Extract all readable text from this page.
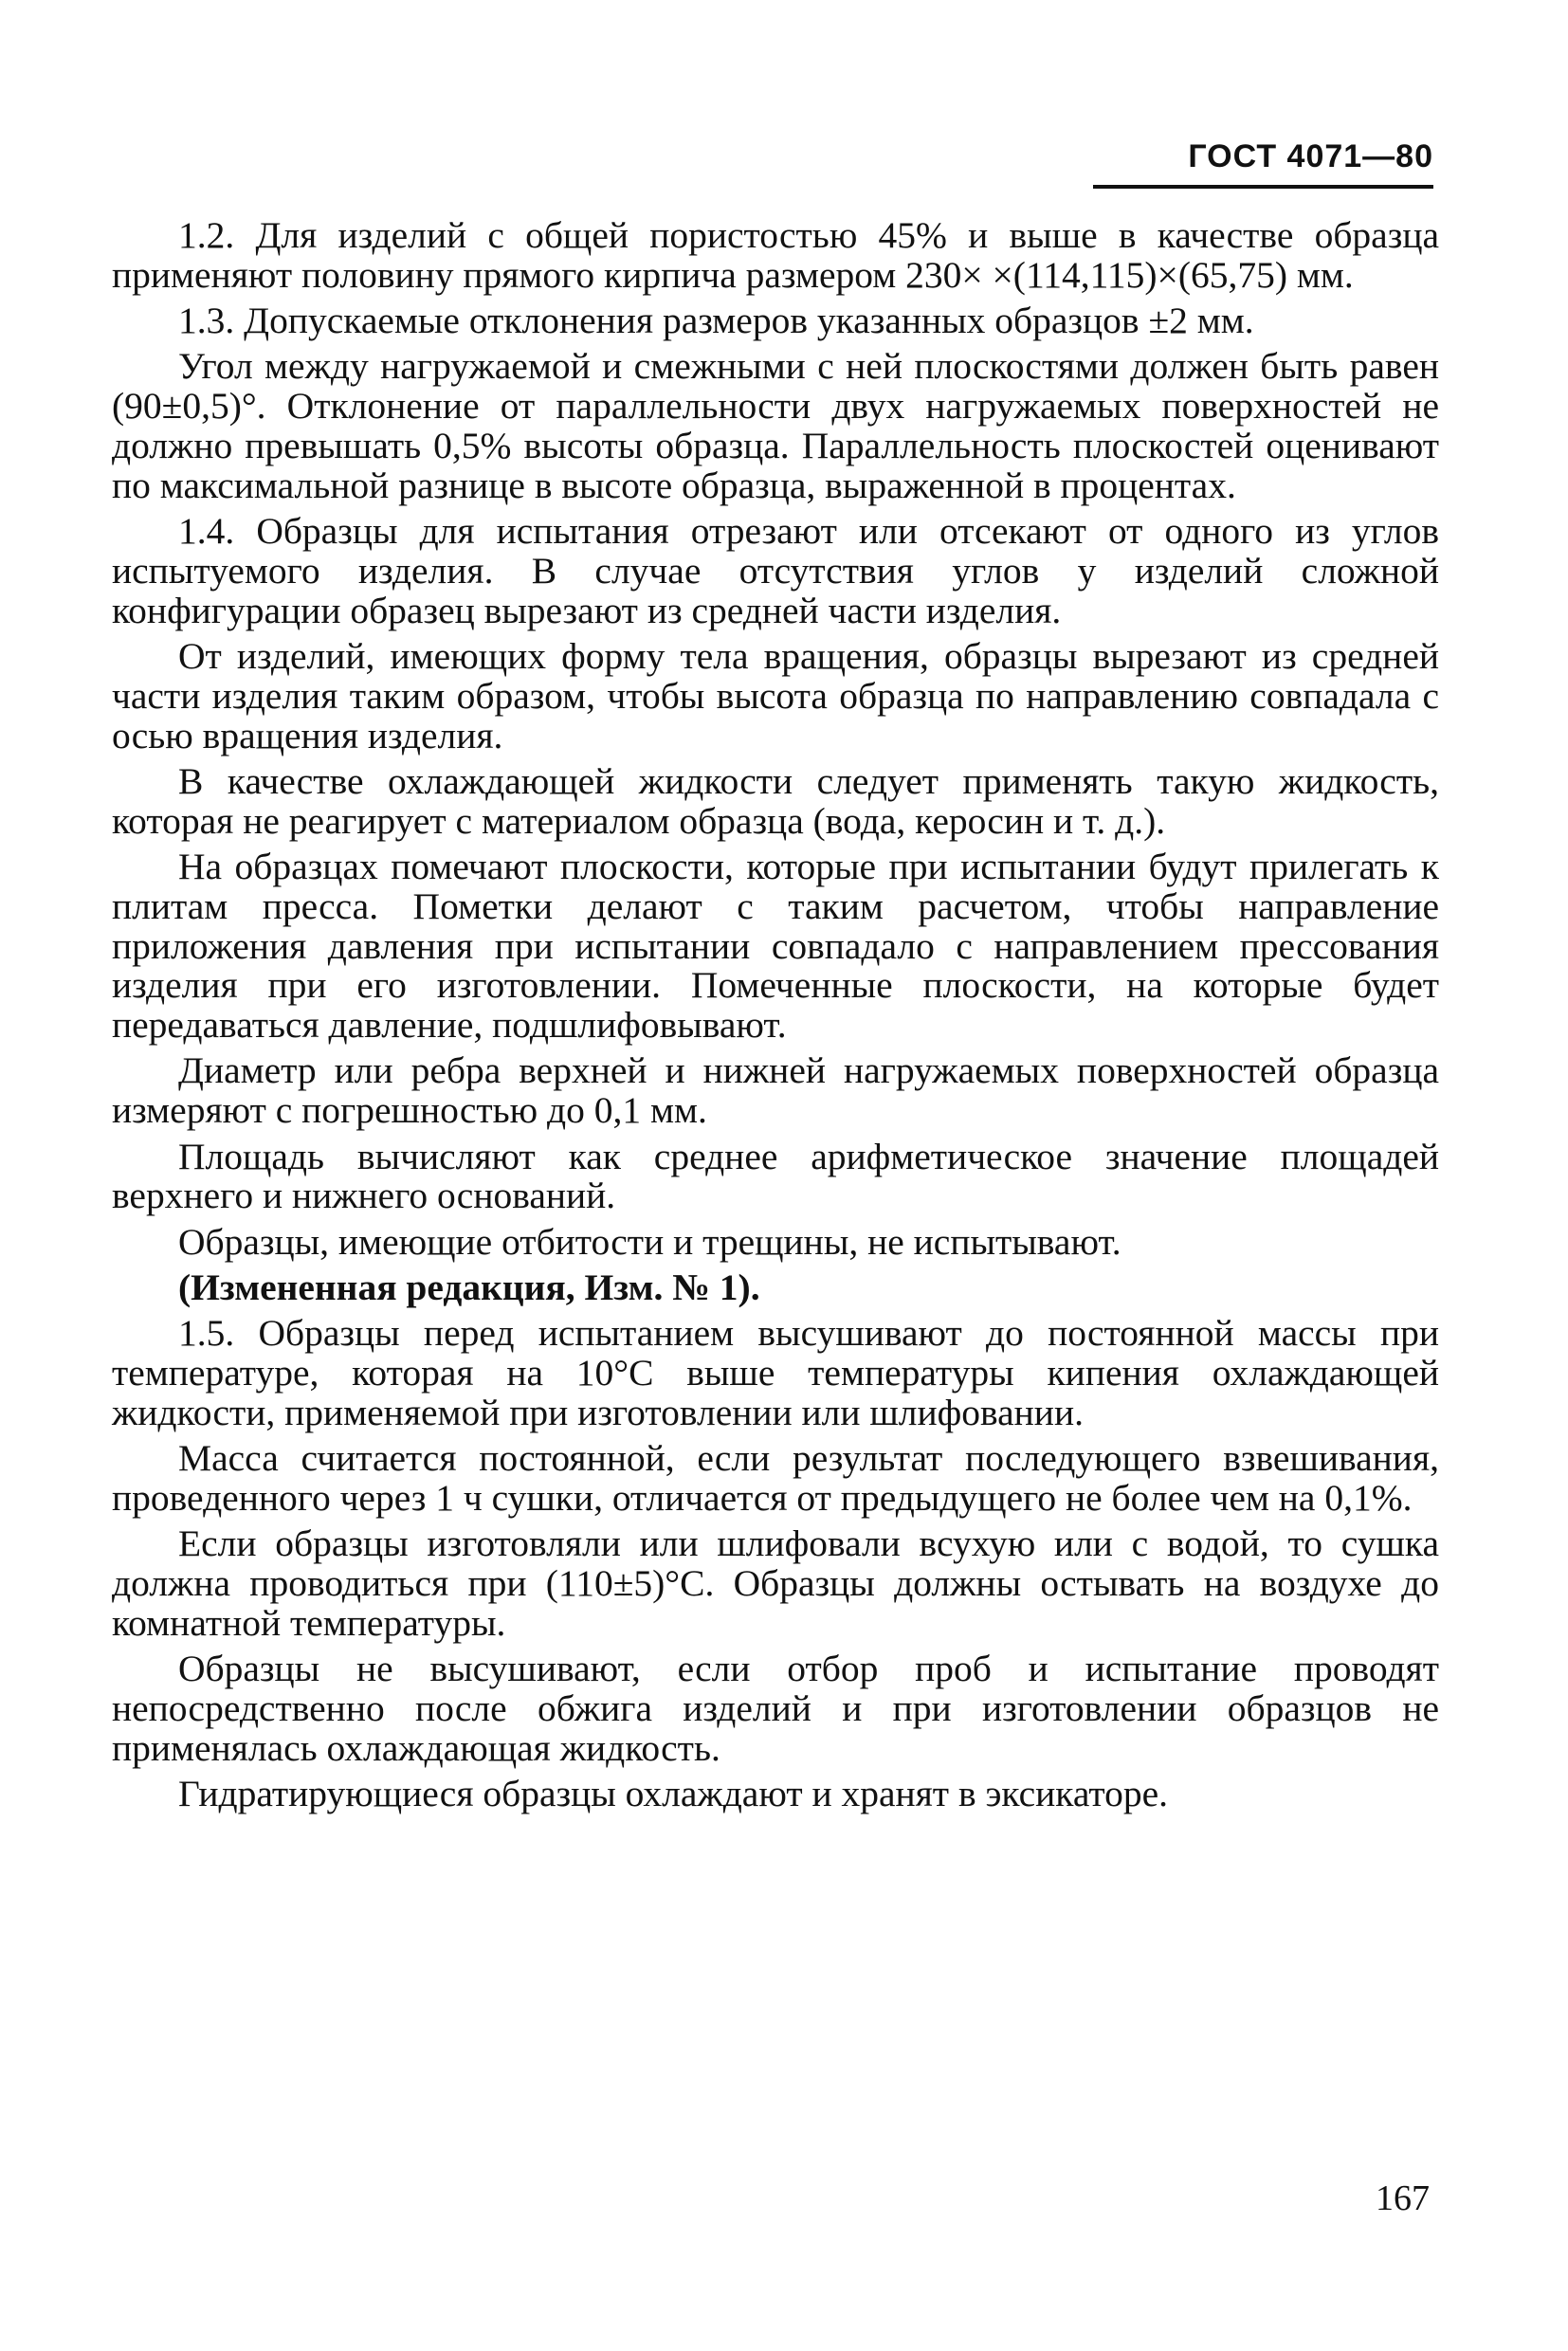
ГОСТ 4071—80

1.2. Для изделий с общей пористостью 45% и выше в качестве образца применяют половину прямого кирпича размером 230× ×(114,115)×(65,75) мм.

1.3. Допускаемые отклонения размеров указанных образцов ±2 мм.

Угол между нагружаемой и смежными с ней плоскостями должен быть равен (90±0,5)°. Отклонение от параллельности двух нагружаемых поверхностей не должно превышать 0,5% высоты образца. Параллельность плоскостей оценивают по максимальной разнице в высоте образца, выраженной в процентах.

1.4. Образцы для испытания отрезают или отсекают от одного из углов испытуемого изделия. В случае отсутствия углов у изделий сложной конфигурации образец вырезают из средней части изделия.

От изделий, имеющих форму тела вращения, образцы вырезают из средней части изделия таким образом, чтобы высота образца по направлению совпадала с осью вращения изделия.

В качестве охлаждающей жидкости следует применять такую жидкость, которая не реагирует с материалом образца (вода, керосин и т. д.).

На образцах помечают плоскости, которые при испытании будут прилегать к плитам пресса. Пометки делают с таким расчетом, чтобы направление приложения давления при испытании совпадало с направлением прессования изделия при его изготовлении. Помеченные плоскости, на которые будет передаваться давление, подшлифовывают.

Диаметр или ребра верхней и нижней нагружаемых поверхностей образца измеряют с погрешностью до 0,1 мм.

Площадь вычисляют как среднее арифметическое значение площадей верхнего и нижнего оснований.

Образцы, имеющие отбитости и трещины, не испытывают.

(Измененная редакция, Изм. № 1).

1.5. Образцы перед испытанием высушивают до постоянной массы при температуре, которая на 10°С выше температуры кипения охлаждающей жидкости, применяемой при изготовлении или шлифовании.

Масса считается постоянной, если результат последующего взвешивания, проведенного через 1 ч сушки, отличается от предыдущего не более чем на 0,1%.

Если образцы изготовляли или шлифовали всухую или с водой, то сушка должна проводиться при (110±5)°С. Образцы должны остывать на воздухе до комнатной температуры.

Образцы не высушивают, если отбор проб и испытание проводят непосредственно после обжига изделий и при изготовлении образцов не применялась охлаждающая жидкость.

Гидратирующиеся образцы охлаждают и хранят в эксикаторе.

167
